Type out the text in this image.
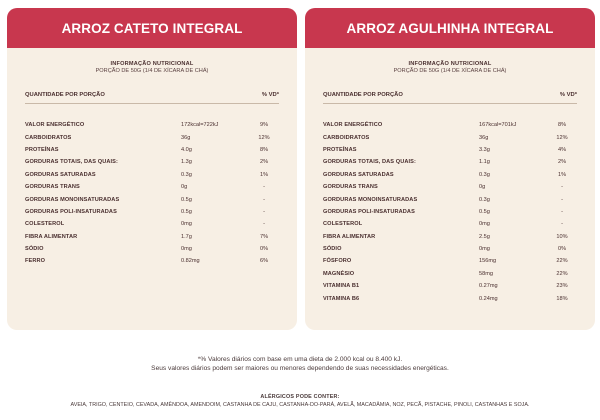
ARROZ CATETO INTEGRAL
INFORMAÇÃO NUTRICIONAL
PORÇÃO DE 50G (1/4 DE XÍCARA DE CHÁ)
QUANTIDADE POR PORÇÃO	% VD*
VALOR ENERGÉTICO	172kcal=722kJ	9%
CARBOIDRATOS	36g	12%
PROTEÍNAS	4.0g	8%
GORDURAS TOTAIS, DAS QUAIS:	1.3g	2%
GORDURAS SATURADAS	0.3g	1%
GORDURAS TRANS	0g	-
GORDURAS MONOINSATURADAS	0.5g	-
GORDURAS POLI-INSATURADAS	0.5g	-
COLESTEROL	0mg	-
FIBRA ALIMENTAR	1.7g	7%
SÓDIO	0mg	0%
FERRO	0.82mg	6%
ARROZ AGULHINHA INTEGRAL
INFORMAÇÃO NUTRICIONAL
PORÇÃO DE 50G (1/4 DE XÍCARA DE CHÁ)
QUANTIDADE POR PORÇÃO	% VD*
VALOR ENERGÉTICO	167kcal=701kJ	8%
CARBOIDRATOS	36g	12%
PROTEÍNAS	3.3g	4%
GORDURAS TOTAIS, DAS QUAIS:	1.1g	2%
GORDURAS SATURADAS	0.3g	1%
GORDURAS TRANS	0g	-
GORDURAS MONOINSATURADAS	0.3g	-
GORDURAS POLI-INSATURADAS	0.5g	-
COLESTEROL	0mg	-
FIBRA ALIMENTAR	2.5g	10%
SÓDIO	0mg	0%
FÓSFORO	156mg	22%
MAGNÉSIO	58mg	22%
VITAMINA B1	0.27mg	23%
VITAMINA B6	0.24mg	18%
*% Valores diários com base em uma dieta de 2.000 kcal ou 8.400 kJ.
Seus valores diários podem ser maiores ou menores dependendo de suas necessidades energéticas.
ALÉRGICOS PODE CONTER:
AVEIA, TRIGO, CENTEIO, CEVADA, AMÊNDOA, AMENDOIM, CASTANHA DE CAJU, CASTANHA-DO-PARÁ, AVELÃ, MACADÂMIA, NOZ, PECÃ, PISTACHE, PINOLI, CASTANHAS E SOJA.
